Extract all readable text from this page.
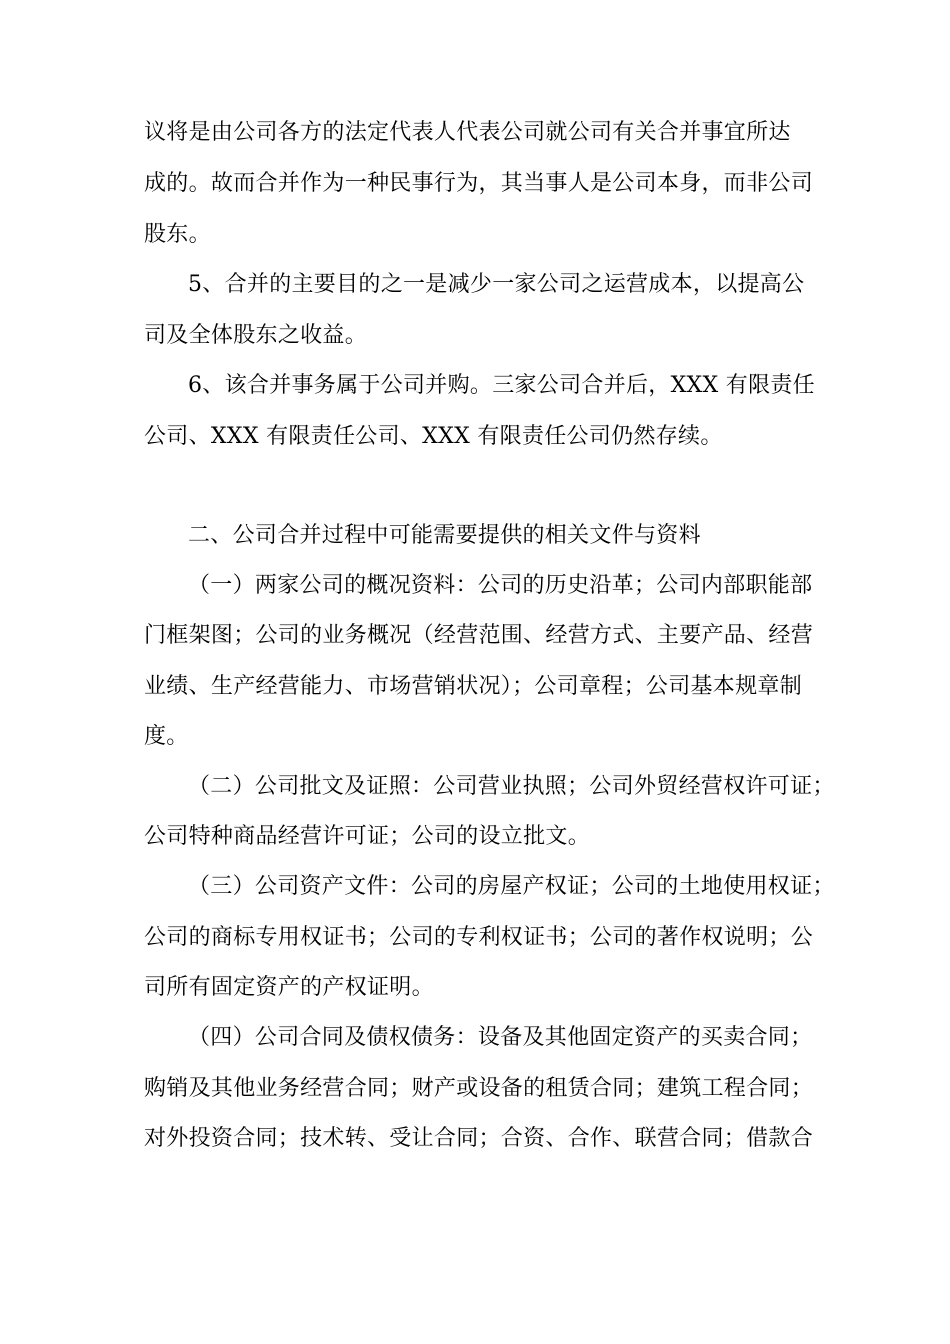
议将是由公司各方的法定代表人代表公司就公司有关合并事宜所达
成的。故而合并作为一种民事行为，其当事人是公司本身，而非公司
股东。
5、合并的主要目的之一是减少一家公司之运营成本，以提高公
司及全体股东之收益。
6、该合并事务属于公司并购。三家公司合并后，XXX 有限责任
公司、XXX 有限责任公司、XXX 有限责任公司仍然存续。
二、公司合并过程中可能需要提供的相关文件与资料
（一）两家公司的概况资料：公司的历史沿革；公司内部职能部
门框架图；公司的业务概况（经营范围、经营方式、主要产品、经营
业绩、生产经营能力、市场营销状况）；公司章程；公司基本规章制
度。
（二）公司批文及证照：公司营业执照；公司外贸经营权许可证；
公司特种商品经营许可证；公司的设立批文。
（三）公司资产文件：公司的房屋产权证；公司的土地使用权证；
公司的商标专用权证书；公司的专利权证书；公司的著作权说明；公
司所有固定资产的产权证明。
（四）公司合同及债权债务：设备及其他固定资产的买卖合同；
购销及其他业务经营合同；财产或设备的租赁合同；建筑工程合同；
对外投资合同；技术转、受让合同；合资、合作、联营合同；借款合
